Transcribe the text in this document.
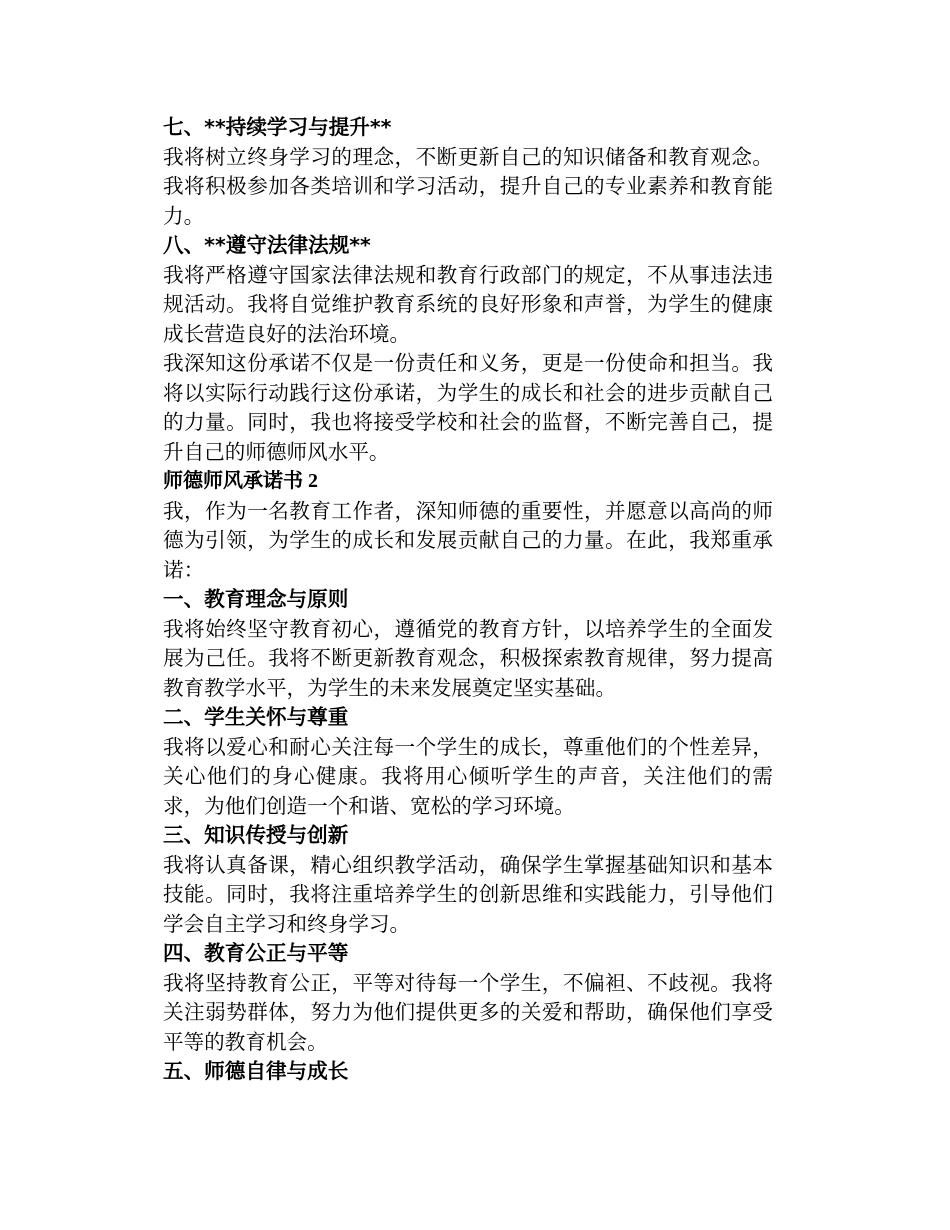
七、**持续学习与提升**

我将树立终身学习的理念，不断更新自己的知识储备和教育观念。我将积极参加各类培训和学习活动，提升自己的专业素养和教育能力。

八、**遵守法律法规**

我将严格遵守国家法律法规和教育行政部门的规定，不从事违法违规活动。我将自觉维护教育系统的良好形象和声誉，为学生的健康成长营造良好的法治环境。

我深知这份承诺不仅是一份责任和义务，更是一份使命和担当。我将以实际行动践行这份承诺，为学生的成长和社会的进步贡献自己的力量。同时，我也将接受学校和社会的监督，不断完善自己，提升自己的师德师风水平。

师德师风承诺书 2

我，作为一名教育工作者，深知师德的重要性，并愿意以高尚的师德为引领，为学生的成长和发展贡献自己的力量。在此，我郑重承诺：

一、教育理念与原则

我将始终坚守教育初心，遵循党的教育方针，以培养学生的全面发展为己任。我将不断更新教育观念，积极探索教育规律，努力提高教育教学水平，为学生的未来发展奠定坚实基础。

二、学生关怀与尊重

我将以爱心和耐心关注每一个学生的成长，尊重他们的个性差异，关心他们的身心健康。我将用心倾听学生的声音，关注他们的需求，为他们创造一个和谐、宽松的学习环境。

三、知识传授与创新

我将认真备课，精心组织教学活动，确保学生掌握基础知识和基本技能。同时，我将注重培养学生的创新思维和实践能力，引导他们学会自主学习和终身学习。

四、教育公正与平等

我将坚持教育公正，平等对待每一个学生，不偏袒、不歧视。我将关注弱势群体，努力为他们提供更多的关爱和帮助，确保他们享受平等的教育机会。

五、师德自律与成长
